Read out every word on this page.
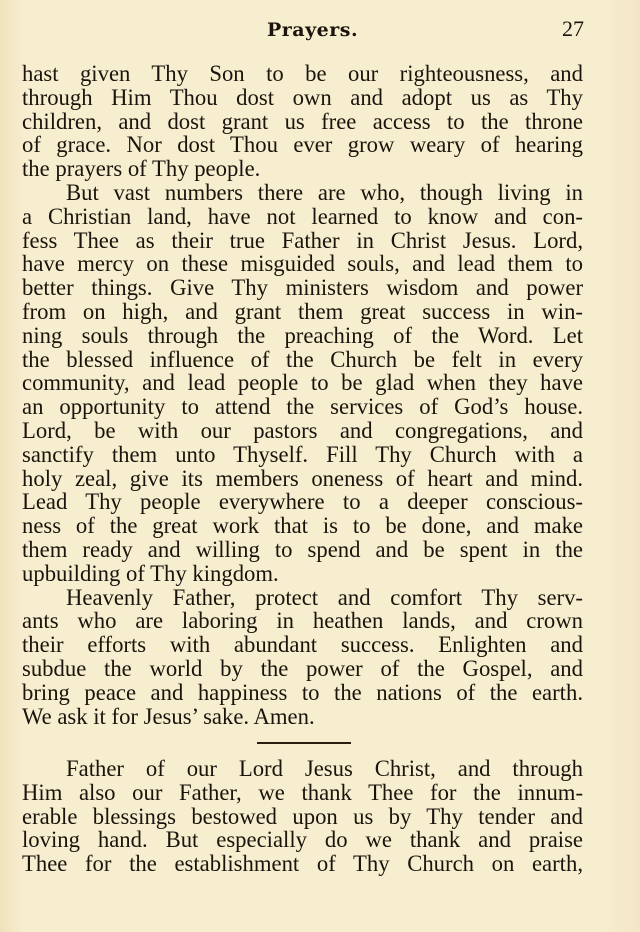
Prayers.	27
hast given Thy Son to be our righteousness, and
through Him Thou dost own and adopt us as Thy
children, and dost grant us free access to the throne
of grace. Nor dost Thou ever grow weary of hearing
the prayers of Thy people.
But vast numbers there are who, though living in
a Christian land, have not learned to know and con-
fess Thee as their true Father in Christ Jesus. Lord,
have mercy on these misguided souls, and lead them to
better things. Give Thy ministers wisdom and power
from on high, and grant them great success in win-
ning souls through the preaching of the Word. Let
the blessed influence of the Church be felt in every
community, and lead people to be glad when they have
an opportunity to attend the services of God’s house.
Lord, be with our pastors and congregations, and
sanctify them unto Thyself. Fill Thy Church with a
holy zeal, give its members oneness of heart and mind.
Lead Thy people everywhere to a deeper conscious-
ness of the great work that is to be done, and make
them ready and willing to spend and be spent in the
upbuilding of Thy kingdom.
Heavenly Father, protect and comfort Thy serv-
ants who are laboring in heathen lands, and crown
their efforts with abundant success. Enlighten and
subdue the world by the power of the Gospel, and
bring peace and happiness to the nations of the earth.
We ask it for Jesus’ sake. Amen.
Father of our Lord Jesus Christ, and through
Him also our Father, we thank Thee for the innum-
erable blessings bestowed upon us by Thy tender and
loving hand. But especially do we thank and praise
Thee for the establishment of Thy Church on earth,
